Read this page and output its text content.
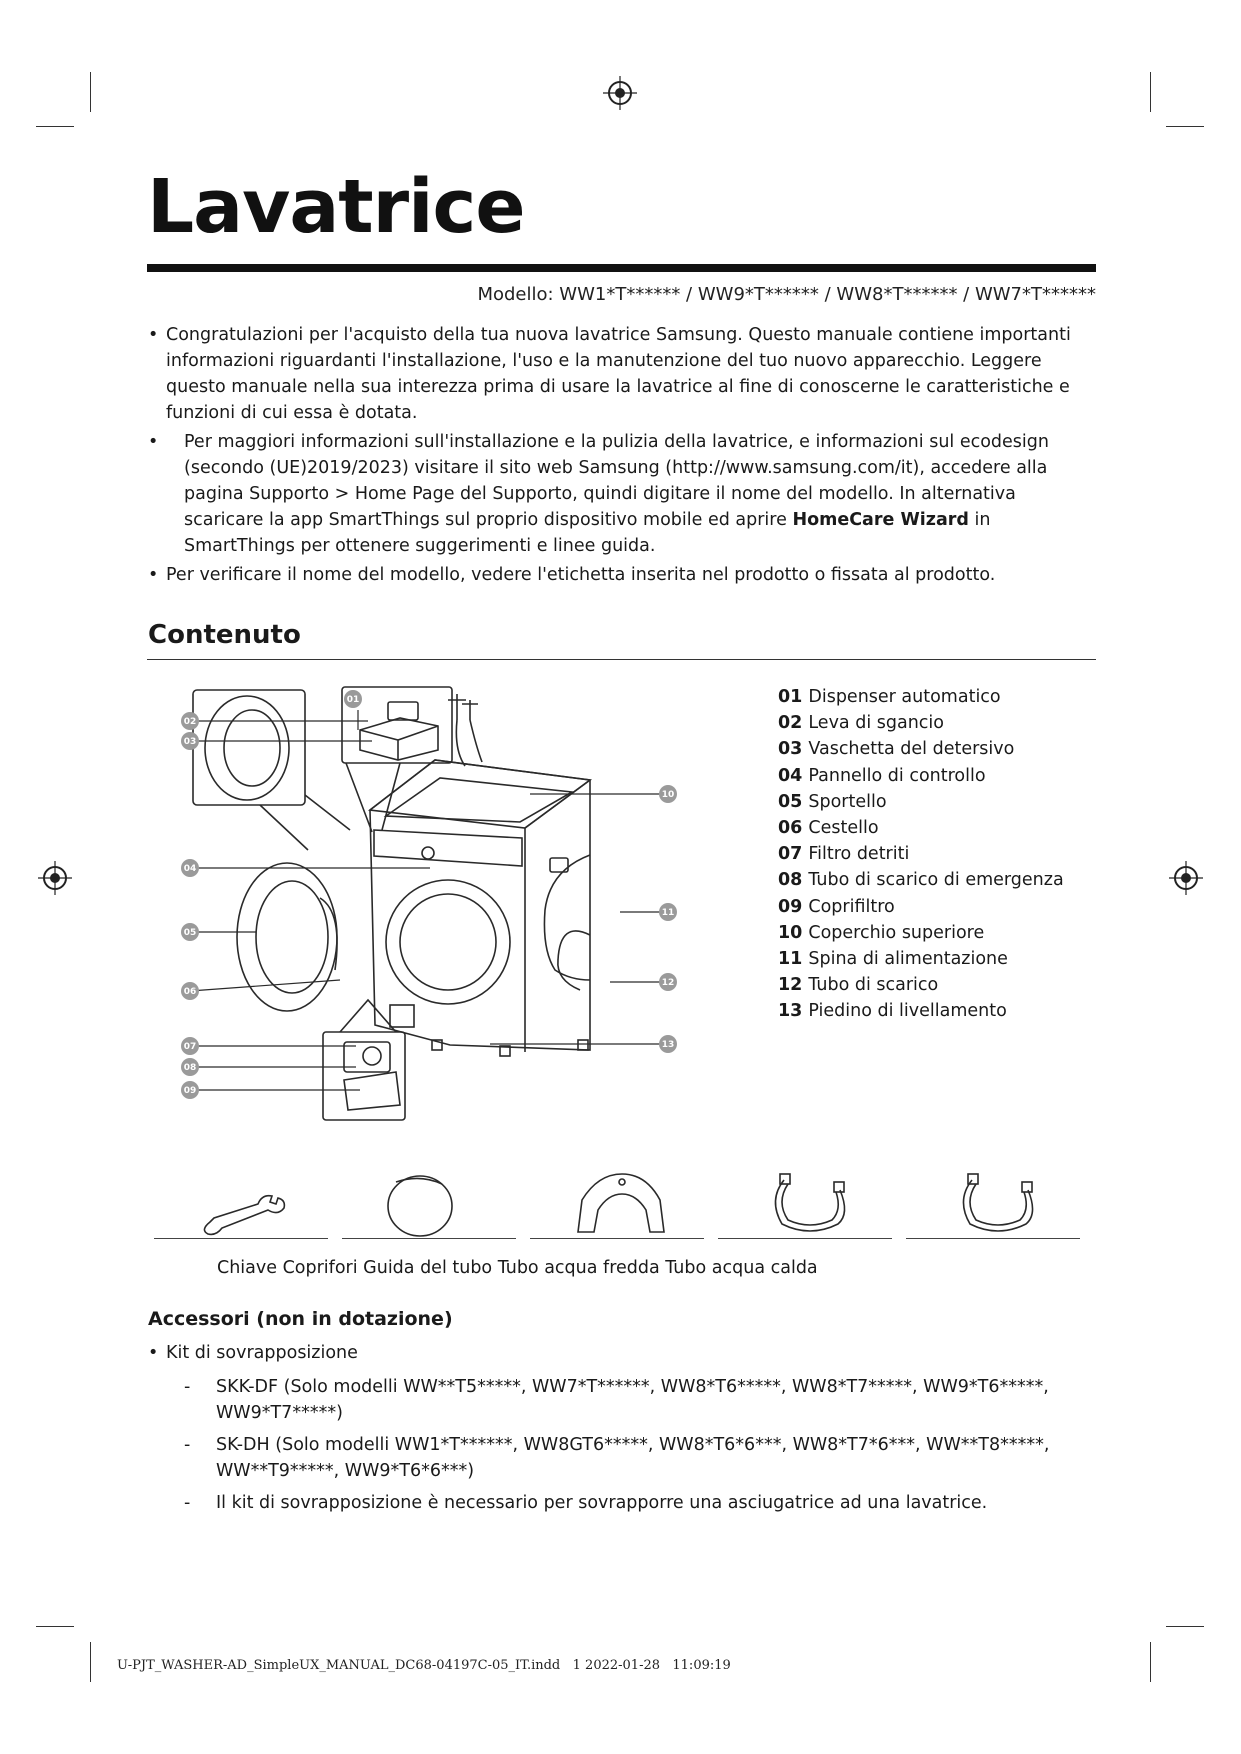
Lavatrice
Modello: WW1*T****** / WW9*T****** / WW8*T****** / WW7*T******
• Congratulazioni per l'acquisto della tua nuova lavatrice Samsung. Questo manuale contiene importanti informazioni riguardanti l'installazione, l'uso e la manutenzione del tuo nuovo apparecchio. Leggere questo manuale nella sua interezza prima di usare la lavatrice al fine di conoscerne le caratteristiche e funzioni di cui essa è dotata.
• Per maggiori informazioni sull'installazione e la pulizia della lavatrice, e informazioni sul ecodesign (secondo (UE)2019/2023) visitare il sito web Samsung (http://www.samsung.com/it), accedere alla pagina Supporto > Home Page del Supporto, quindi digitare il nome del modello. In alternativa scaricare la app SmartThings sul proprio dispositivo mobile ed aprire HomeCare Wizard in SmartThings per ottenere suggerimenti e linee guida.
• Per verificare il nome del modello, vedere l'etichetta inserita nel prodotto o fissata al prodotto.
Contenuto
01
02
03
04
05
06
07
08
09
10
11
12
13
01 Dispenser automatico
02 Leva di sgancio
03 Vaschetta del detersivo
04 Pannello di controllo
05 Sportello
06 Cestello
07 Filtro detriti
08 Tubo di scarico di emergenza
09 Coprifiltro
10 Coperchio superiore
11 Spina di alimentazione
12 Tubo di scarico
13 Piedino di livellamento
Chiave Coprifori Guida del tubo Tubo acqua fredda Tubo acqua calda
Accessori (non in dotazione)
• Kit di sovrapposizione
- SKK-DF (Solo modelli WW**T5*****, WW7*T******, WW8*T6*****, WW8*T7*****, WW9*T6*****, WW9*T7*****)
- SK-DH (Solo modelli WW1*T******, WW8GT6*****, WW8*T6*6***, WW8*T7*6***, WW**T8*****, WW**T9*****, WW9*T6*6***)
- Il kit di sovrapposizione è necessario per sovrapporre una asciugatrice ad una lavatrice.
U-PJT_WASHER-AD_SimpleUX_MANUAL_DC68-04197C-05_IT.indd   1 2022-01-28   11:09:19
